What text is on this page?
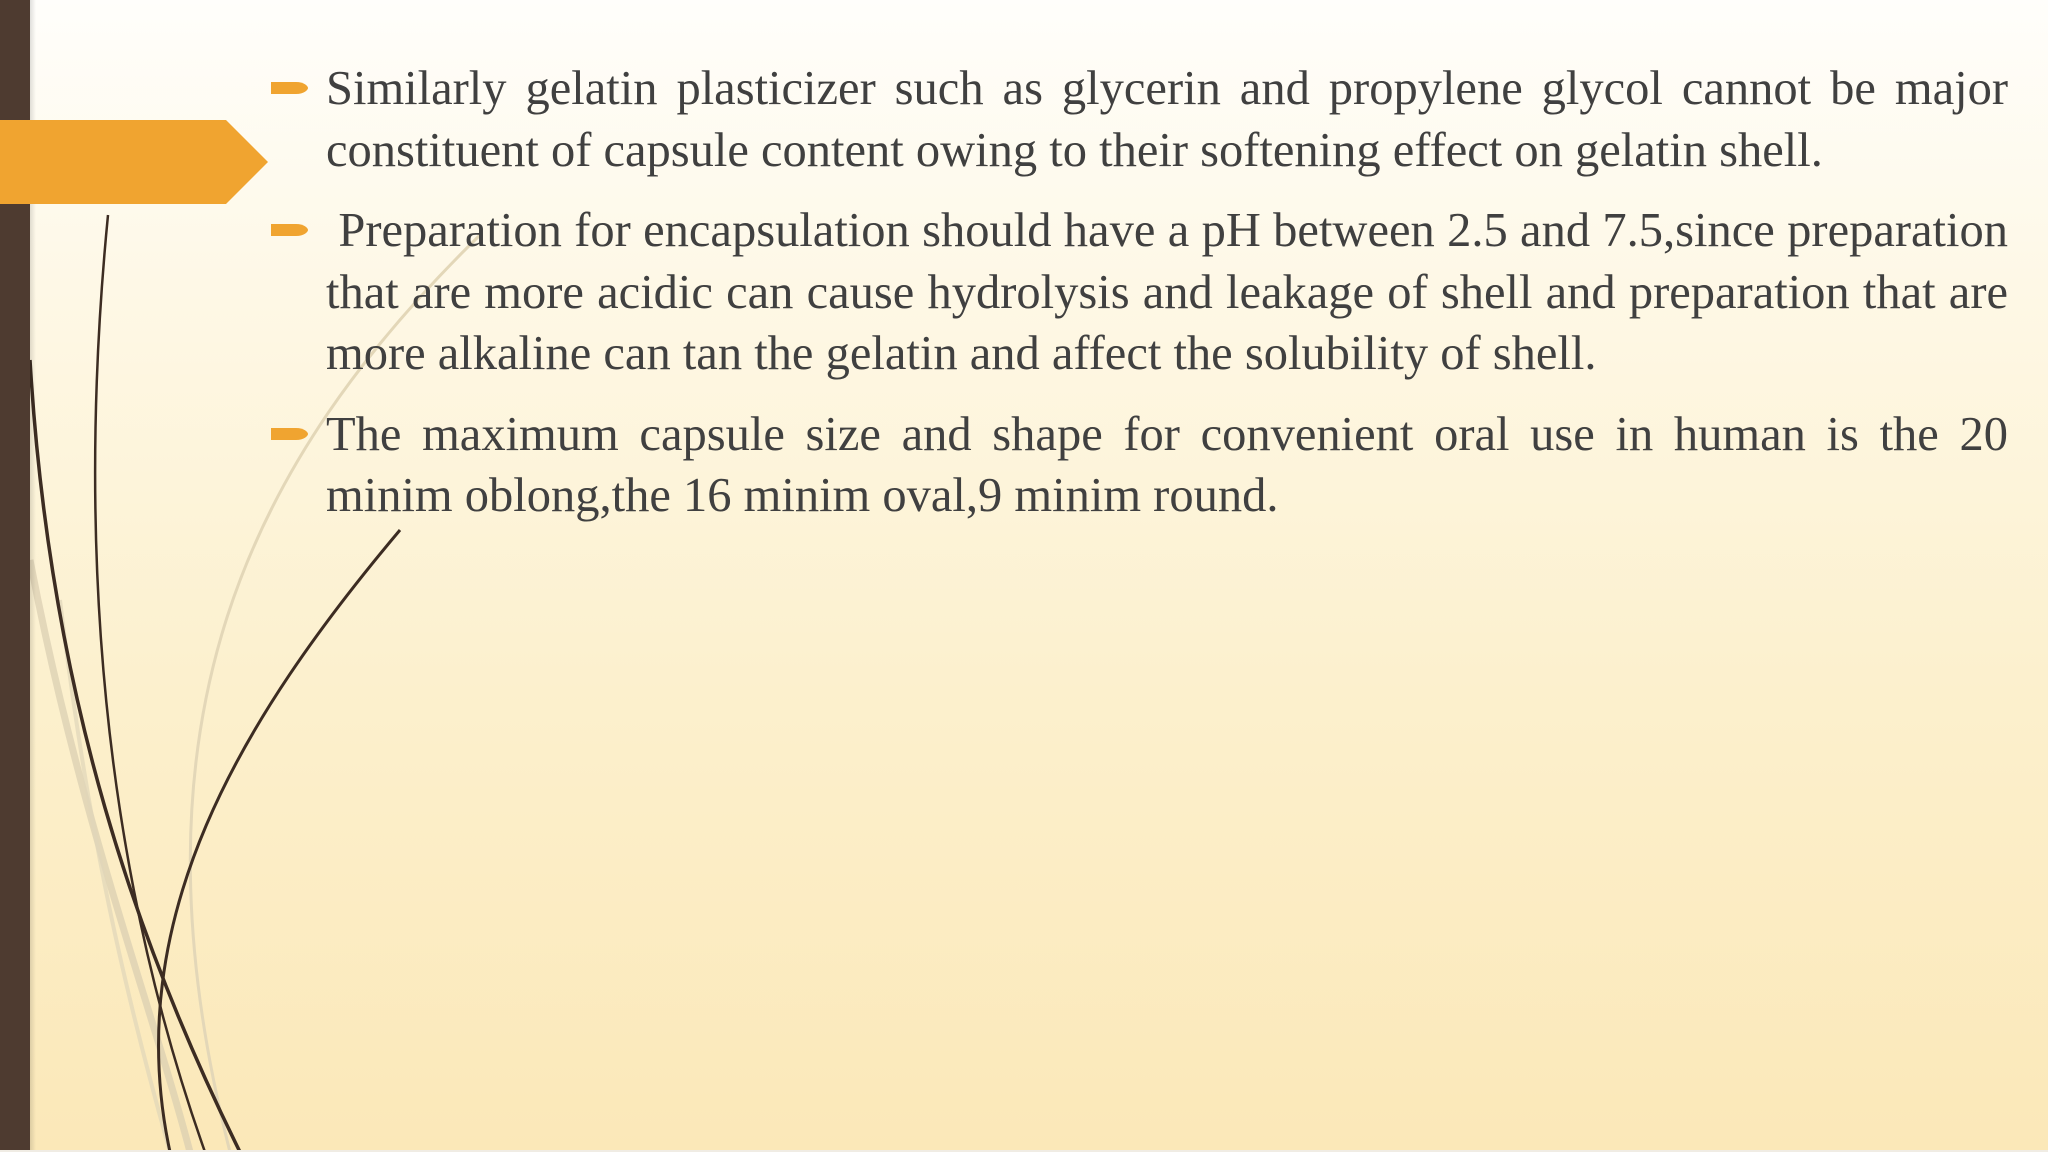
Similarly gelatin plasticizer such as glycerin and propylene glycol cannot be major constituent of capsule content owing to their softening effect on gelatin shell.

Preparation for encapsulation should have a pH between 2.5 and 7.5,since preparation that are more acidic can cause hydrolysis and leakage of shell and preparation that are more alkaline can tan the gelatin and affect the solubility of shell.

The maximum capsule size and shape for convenient oral use in human is the 20 minim oblong,the 16 minim oval,9 minim round.
